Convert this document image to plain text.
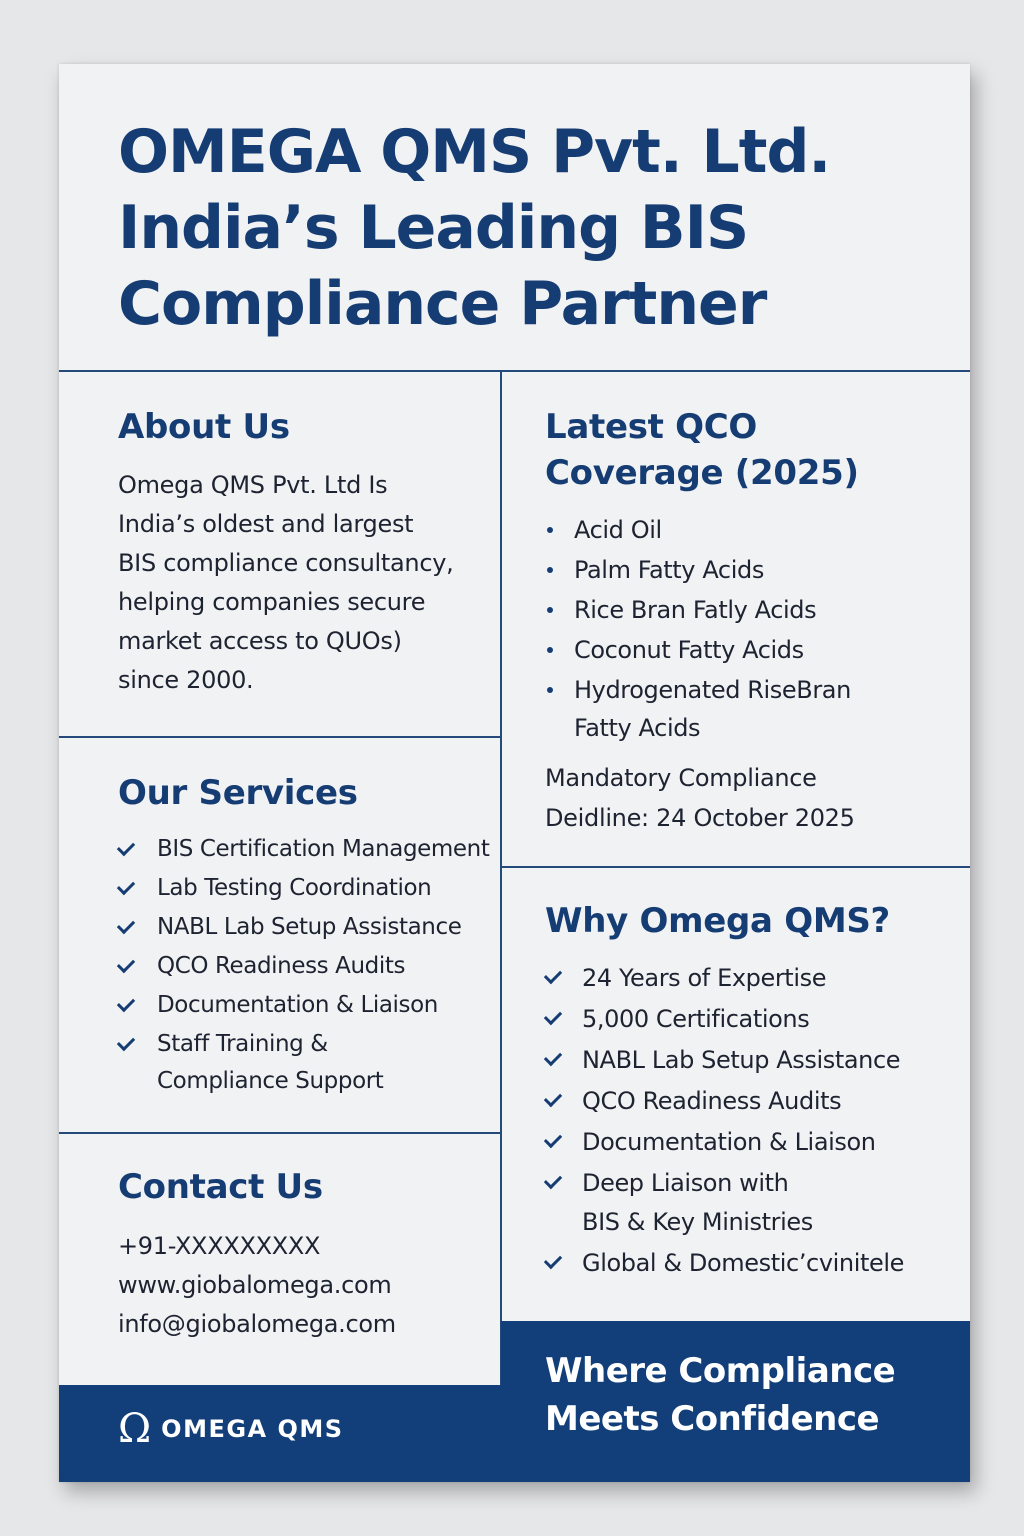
OMEGA QMS Pvt. Ltd.
India’s Leading BIS
Compliance Partner
About Us
Omega QMS Pvt. Ltd Is
India’s oldest and largest
BIS compliance consultancy,
helping companies secure
market access to QUOs)
since 2000.
Latest QCO
Coverage (2025)
Acid Oil
Palm Fatty Acids
Rice Bran Fatly Acids
Coconut Fatty Acids
Hydrogenated RiseBran
Fatty Acids
Mandatory Compliance
Deidline: 24 October 2025
Our Services
BIS Certification Management
Lab Testing Coordination
NABL Lab Setup Assistance
QCO Readiness Audits
Documentation & Liaison
Staff Training &
Compliance Support
Why Omega QMS?
24 Years of Expertise
5,000 Certifications
NABL Lab Setup Assistance
QCO Readiness Audits
Documentation & Liaison
Deep Liaison with
BIS & Key Ministries
Global & Domestic’cvinitele
Contact Us
+91-XXXXXXXXX
www.giobalomega.com
info@giobalomega.com
Ω OMEGA QMS
Where Compliance
Meets Confidence
